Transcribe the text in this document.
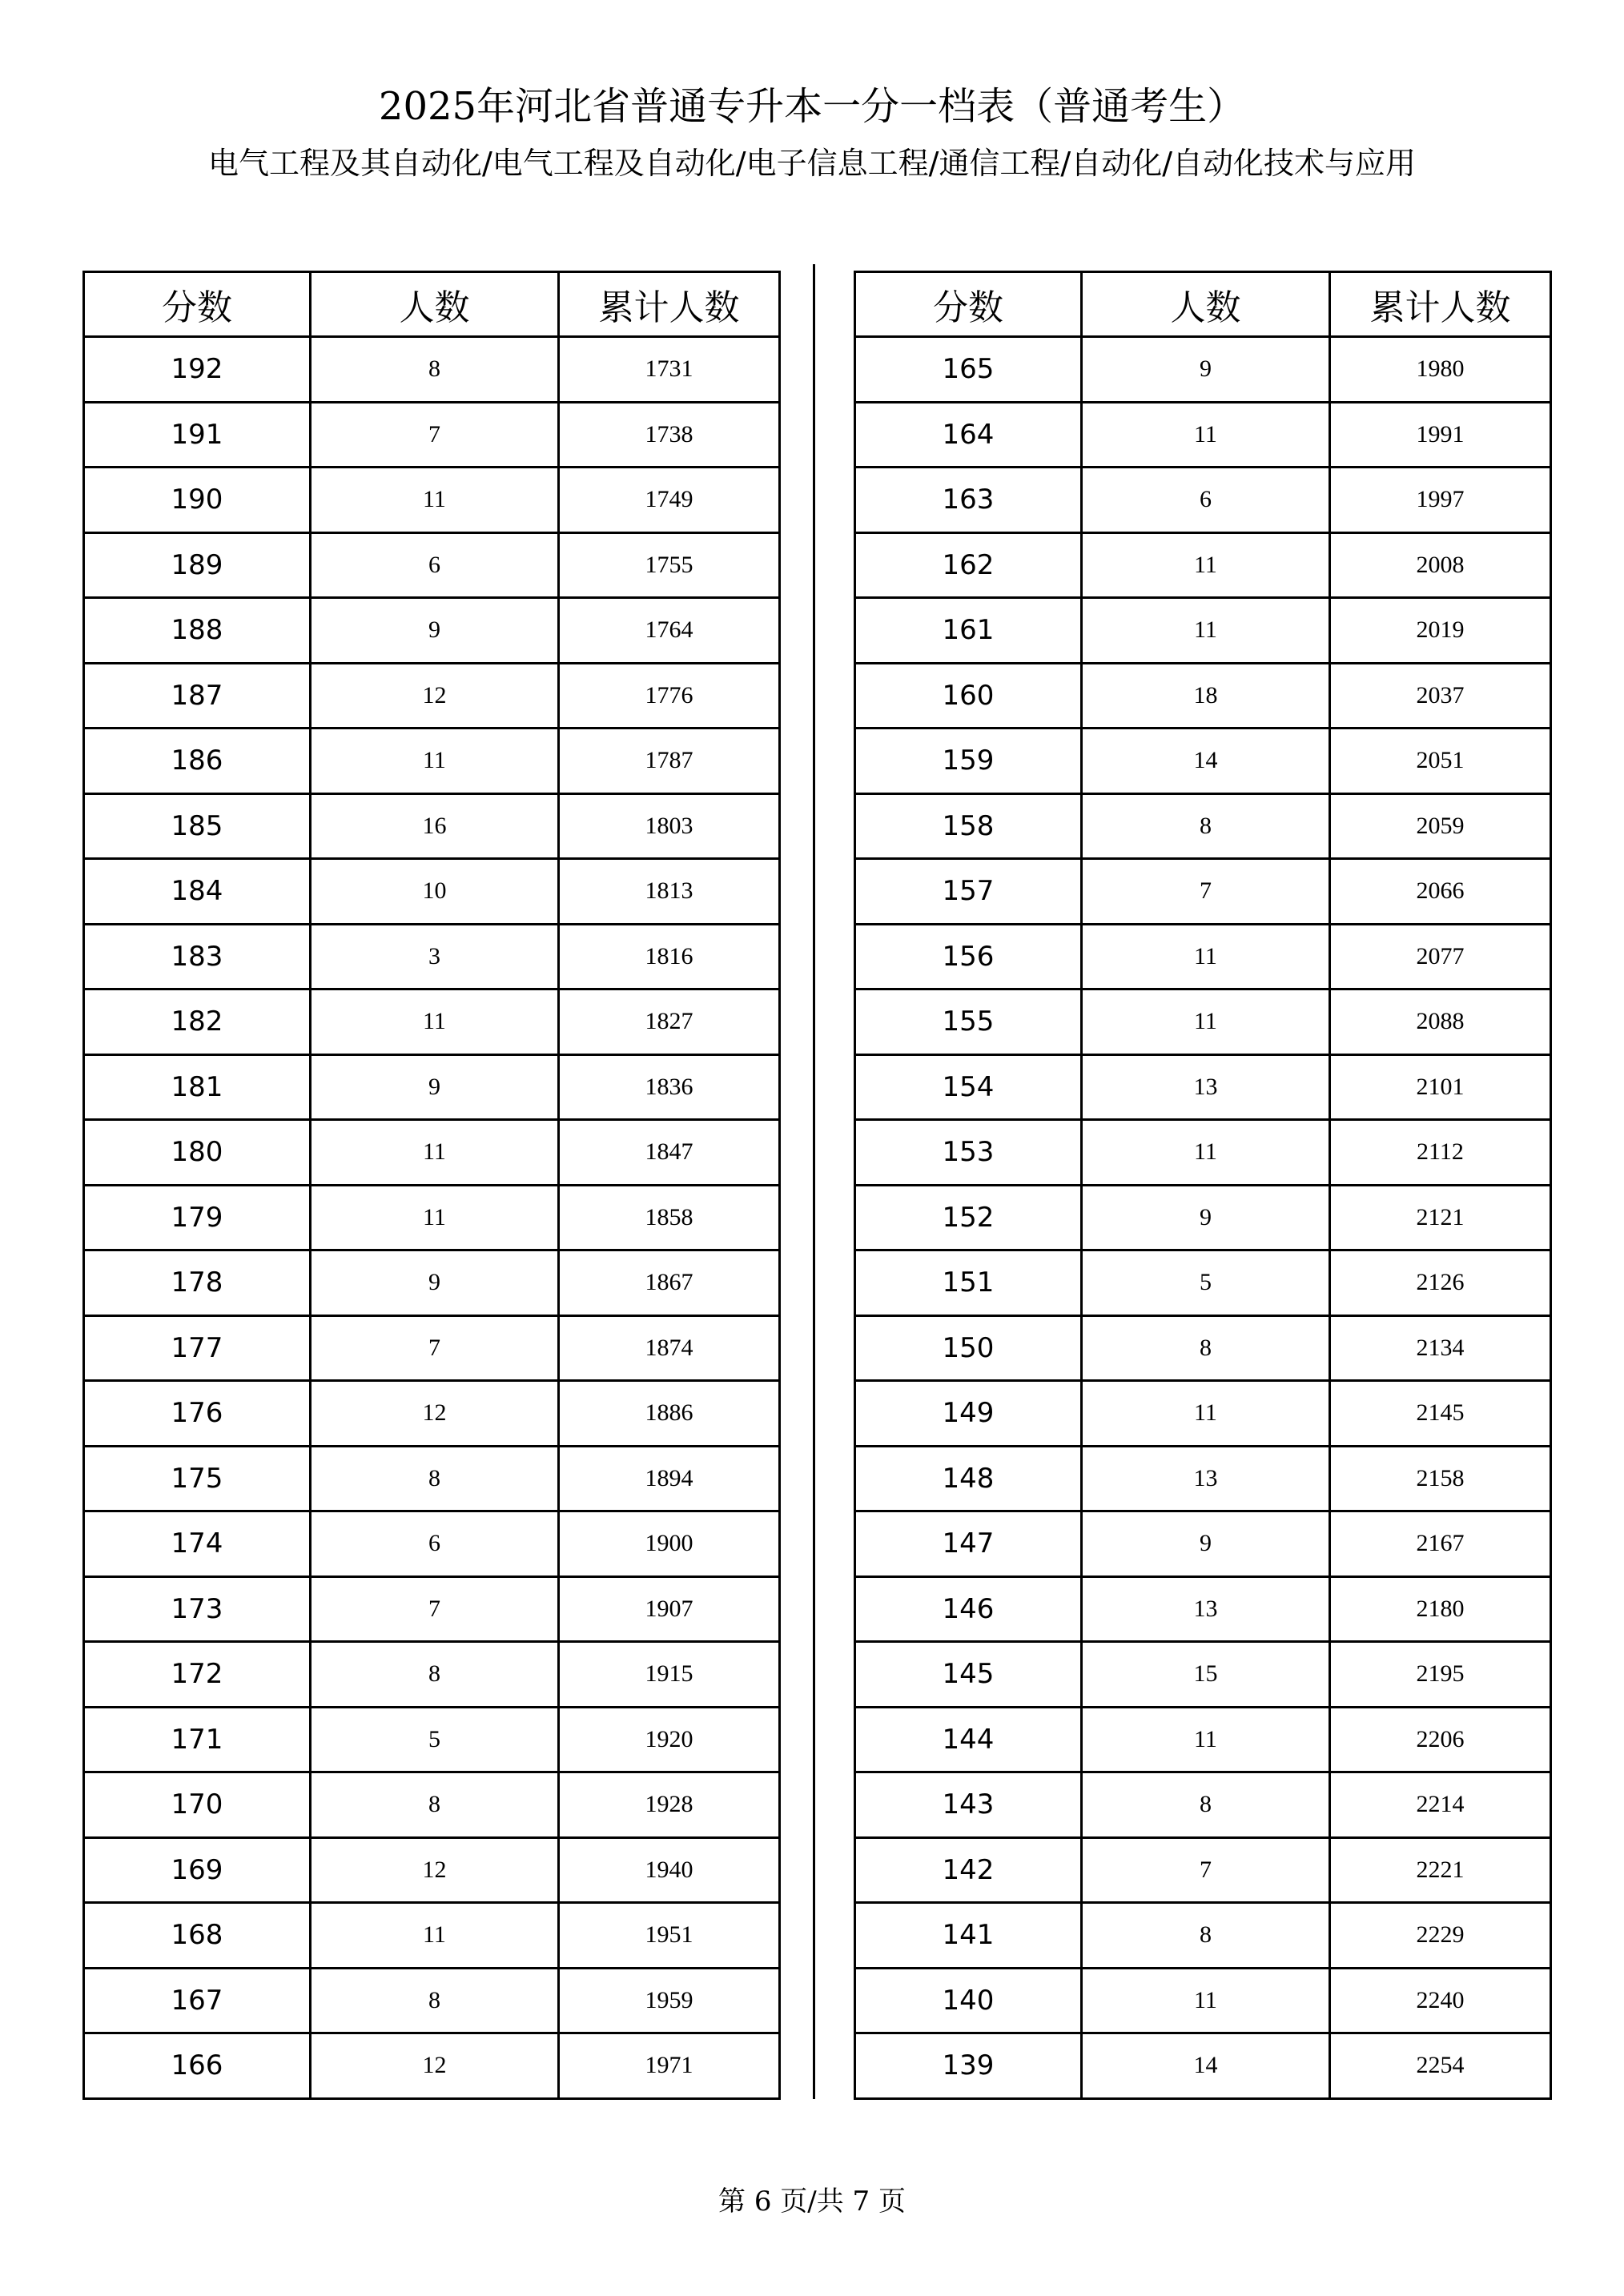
2025年河北省普通专升本一分一档表（普通考生）
电气工程及其自动化/电气工程及自动化/电子信息工程/通信工程/自动化/自动化技术与应用
分数	人数	累计人数
192	8	1731
191	7	1738
190	11	1749
189	6	1755
188	9	1764
187	12	1776
186	11	1787
185	16	1803
184	10	1813
183	3	1816
182	11	1827
181	9	1836
180	11	1847
179	11	1858
178	9	1867
177	7	1874
176	12	1886
175	8	1894
174	6	1900
173	7	1907
172	8	1915
171	5	1920
170	8	1928
169	12	1940
168	11	1951
167	8	1959
166	12	1971
分数	人数	累计人数
165	9	1980
164	11	1991
163	6	1997
162	11	2008
161	11	2019
160	18	2037
159	14	2051
158	8	2059
157	7	2066
156	11	2077
155	11	2088
154	13	2101
153	11	2112
152	9	2121
151	5	2126
150	8	2134
149	11	2145
148	13	2158
147	9	2167
146	13	2180
145	15	2195
144	11	2206
143	8	2214
142	7	2221
141	8	2229
140	11	2240
139	14	2254
第 6 页/共 7 页
